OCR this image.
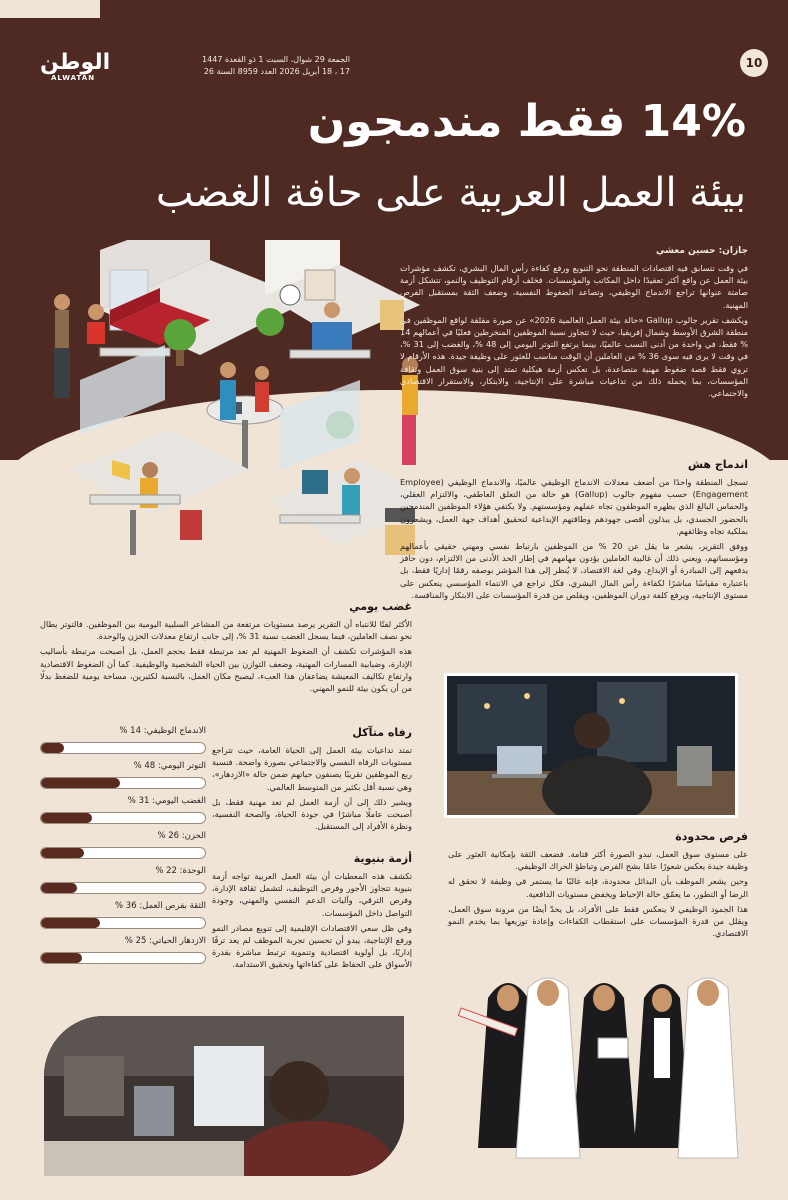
10
الوطن
ALWATAN
الجمعة 29 شوال، السبت 1 ذو القعدة 1447
17 ، 18 أبريل 2026 العدد 8959 السنة 26
14% فقط مندمجون
بيئة العمل العربية على حافة الغضب
جازان: حسين معشي

في وقت تتسابق فيه اقتصادات المنطقة نحو التنويع ورفع كفاءة رأس المال البشري، تكشف مؤشرات بيئة العمل عن واقع أكثر تعقيدًا داخل المكاتب والمؤسسات. فخلف أرقام التوظيف والنمو، تتشكل أزمة صامتة عنوانها تراجع الاندماج الوظيفي، وتصاعد الضغوط النفسية، وضعف الثقة بمستقبل الفرص المهنية.

ويكشف تقرير جالوب Gallup «حالة بيئة العمل العالمية 2026» عن صورة مقلقة لواقع الموظفين في منطقة الشرق الأوسط وشمال إفريقيا، حيث لا تتجاوز نسبة الموظفين المنخرطين فعليًا في أعمالهم 14 % فقط، في واحدة من أدنى النسب عالميًا، بينما يرتفع التوتر اليومي إلى 48 %، والغضب إلى 31 %، في وقت لا يرى فيه سوى 36 % من العاملين أن الوقت مناسب للعثور على وظيفة جيدة. هذه الأرقام لا تروي فقط قصة ضغوط مهنية متصاعدة، بل تعكس أزمة هيكلية تمتد إلى بنية سوق العمل وثقافة المؤسسات، بما يحمله ذلك من تداعيات مباشرة على الإنتاجية، والابتكار، والاستقرار الاقتصادي والاجتماعي.

اندماج هش

تسجل المنطقة واحدًا من أضعف معدلات الاندماج الوظيفي عالميًا، والاندماج الوظيفي (Employee Engagement) حسب مفهوم جالوب (Gallup) هو حالة من التعلق العاطفي، والالتزام العقلي، والحماس البالغ الذي يظهره الموظفون تجاه عملهم ومؤسستهم. ولا يكتفي هؤلاء الموظفين المندمجين بالحضور الجسدي، بل يبذلون أقصى جهودهم وطاقتهم الإبداعية لتحقيق أهداف جهة العمل، ويشعرون بملكية تجاه وظائفهم.

ووفق التقرير، يشعر ما يقل عن 20 % من الموظفين بارتباط نفسي ومهني حقيقي بأعمالهم ومؤسساتهم، ويعني ذلك أن غالبية العاملين يؤدون مهامهم في إطار الحد الأدنى من الالتزام، دون حافز يدفعهم إلى المبادرة أو الإبداع. وفي لغة الاقتصاد، لا يُنظر إلى هذا المؤشر بوصفه رقمًا إداريًا فقط، بل باعتباره مقياسًا مباشرًا لكفاءة رأس المال البشري، فكل تراجع في الانتماء المؤسسي ينعكس على مستوى الإنتاجية، ويرفع كلفة دوران الموظفين، ويقلص من قدرة المؤسسات على الابتكار والمنافسة.

غضب يومي

الأكثر لفتًا للانتباه أن التقرير يرصد مستويات مرتفعة من المشاعر السلبية اليومية بين الموظفين. فالتوتر يطال نحو نصف العاملين، فيما يسجل الغضب نسبة 31 %، إلى جانب ارتفاع معدلات الحزن والوحدة.

هذه المؤشرات تكشف أن الضغوط المهنية لم تعد مرتبطة فقط بحجم العمل، بل أصبحت مرتبطة بأساليب الإدارة، وضبابية المسارات المهنية، وضعف التوازن بين الحياة الشخصية والوظيفية. كما أن الضغوط الاقتصادية وارتفاع تكاليف المعيشة يضاعفان هذا العبء، ليصبح مكان العمل، بالنسبة لكثيرين، مساحة يومية للضغط بدلًا من أن يكون بيئة للنمو المهني.

رفاه متآكل

تمتد تداعيات بيئة العمل إلى الحياة العامة، حيث تتراجع مستويات الرفاه النفسي والاجتماعي بصورة واضحة. فنسبة ربع الموظفين تقريبًا يصنفون حياتهم ضمن حالة «الازدهار»، وهي نسبة أقل بكثير من المتوسط العالمي.

ويشير ذلك إلى أن أزمة العمل لم تعد مهنية فقط، بل أصبحت عاملًا مباشرًا في جودة الحياة، والصحة النفسية، ونظرة الأفراد إلى المستقبل.

أزمة بنيوية

تكشف هذه المعطيات أن بيئة العمل العربية تواجه أزمة بنيوية تتجاوز الأجور وفرص التوظيف، لتشمل ثقافة الإدارة، وفرص الترقي، وآليات الدعم النفسي والمهني، وجودة التواصل داخل المؤسسات.

وفي ظل سعي الاقتصادات الإقليمية إلى تنويع مصادر النمو ورفع الإنتاجية، يبدو أن تحسين تجربة الموظف لم يعد ترفًا إداريًا، بل أولوية اقتصادية وتنموية ترتبط مباشرة بقدرة الأسواق على الحفاظ على كفاءاتها وتحقيق الاستدامة.

فرص محدودة

على مستوى سوق العمل، تبدو الصورة أكثر قتامة. فضعف الثقة بإمكانية العثور على وظيفة جيدة يعكس شعورًا عامًا بشح الفرص وتباطؤ الحراك الوظيفي.

وحين يشعر الموظف بأن البدائل محدودة، فإنه غالبًا ما يستمر في وظيفة لا تحقق له الرضا أو التطور، ما يعمّق حالة الإحباط ويخفض مستويات الدافعية.

هذا الجمود الوظيفي لا ينعكس فقط على الأفراد، بل يحدّ أيضًا من مرونة سوق العمل، ويقلل من قدرة المؤسسات على استقطاب الكفاءات وإعادة توزيعها بما يخدم النمو الاقتصادي.

الاندماج الوظيفي: 14 %
التوتر اليومي: 48 %
الغضب اليومي: 31 %
الحزن: 26 %
الوحدة: 22 %
الثقة بفرص العمل: 36 %
الازدهار الحياتي: 25 %
